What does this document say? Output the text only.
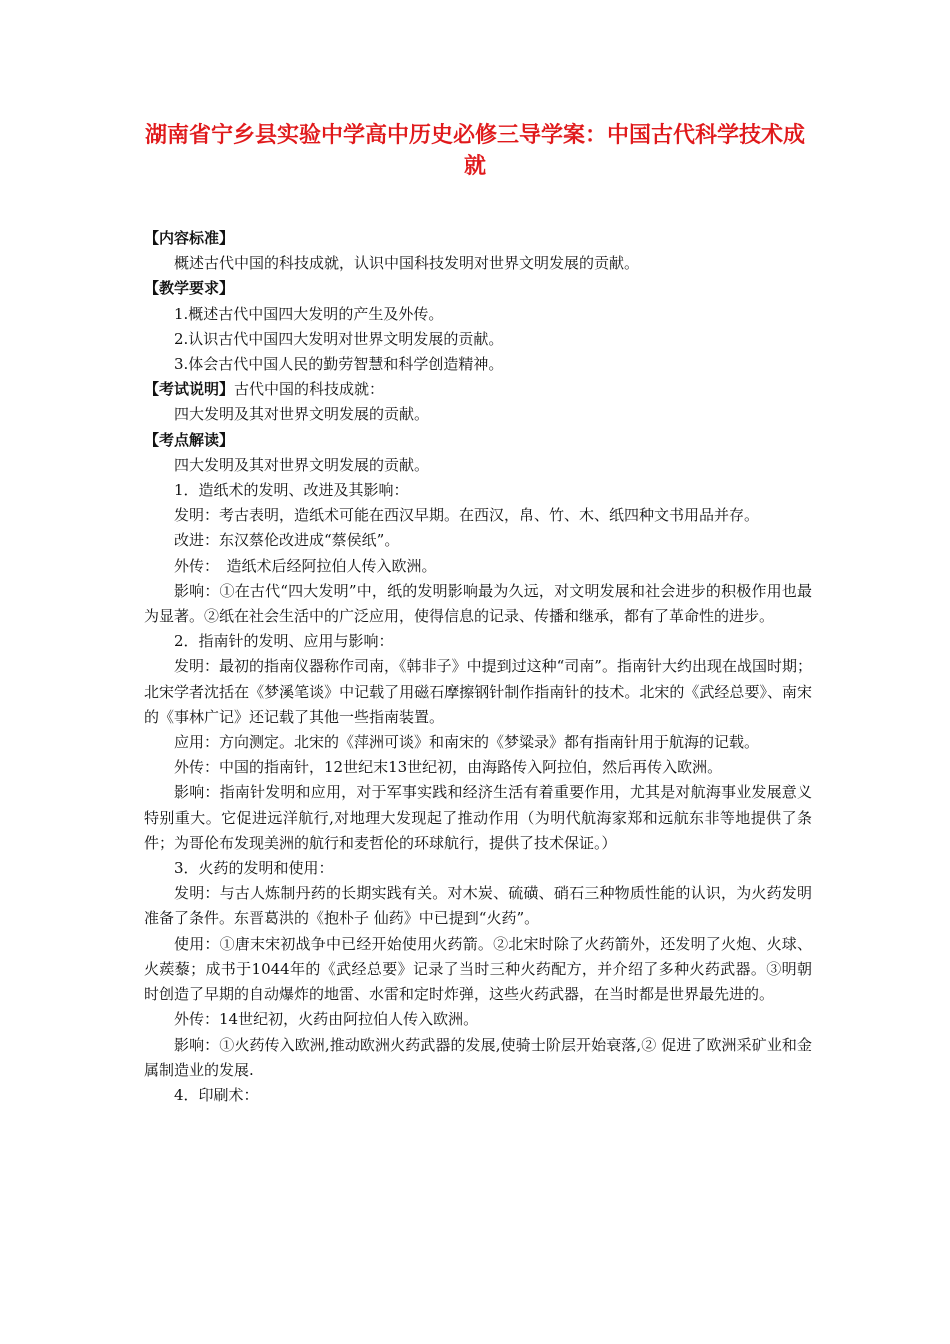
湖南省宁乡县实验中学高中历史必修三导学案：中国古代科学技术成就

【内容标准】

概述古代中国的科技成就，认识中国科技发明对世界文明发展的贡献。

【教学要求】

1.概述古代中国四大发明的产生及外传。

2.认识古代中国四大发明对世界文明发展的贡献。

3.体会古代中国人民的勤劳智慧和科学创造精神。

【考试说明】古代中国的科技成就：

四大发明及其对世界文明发展的贡献。

【考点解读】

四大发明及其对世界文明发展的贡献。

1．造纸术的发明、改进及其影响：

发明：考古表明，造纸术可能在西汉早期。在西汉，帛、竹、木、纸四种文书用品并存。

改进：东汉蔡伦改进成“蔡侯纸”。

外传：　造纸术后经阿拉伯人传入欧洲。

影响：①在古代“四大发明”中，纸的发明影响最为久远，对文明发展和社会进步的积极作用也最为显著。②纸在社会生活中的广泛应用，使得信息的记录、传播和继承，都有了革命性的进步。

2．指南针的发明、应用与影响：

发明：最初的指南仪器称作司南，《韩非子》中提到过这种“司南”。指南针大约出现在战国时期；北宋学者沈括在《梦溪笔谈》中记载了用磁石摩擦钢针制作指南针的技术。北宋的《武经总要》、南宋的《事林广记》还记载了其他一些指南装置。

应用：方向测定。北宋的《萍洲可谈》和南宋的《梦粱录》都有指南针用于航海的记载。

外传：中国的指南针，12世纪末13世纪初，由海路传入阿拉伯，然后再传入欧洲。

影响：指南针发明和应用，对于军事实践和经济生活有着重要作用，尤其是对航海事业发展意义特别重大。它促进远洋航行,对地理大发现起了推动作用（为明代航海家郑和远航东非等地提供了条件；为哥伦布发现美洲的航行和麦哲伦的环球航行，提供了技术保证。）

3．火药的发明和使用：

发明：与古人炼制丹药的长期实践有关。对木炭、硫磺、硝石三种物质性能的认识，为火药发明准备了条件。东晋葛洪的《抱朴子 仙药》中已提到“火药”。

使用：①唐末宋初战争中已经开始使用火药箭。②北宋时除了火药箭外，还发明了火炮、火球、火蒺藜；成书于1044年的《武经总要》记录了当时三种火药配方，并介绍了多种火药武器。③明朝时创造了早期的自动爆炸的地雷、水雷和定时炸弹，这些火药武器，在当时都是世界最先进的。

外传：14世纪初，火药由阿拉伯人传入欧洲。

影响：①火药传入欧洲,推动欧洲火药武器的发展,使骑士阶层开始衰落,② 促进了欧洲采矿业和金属制造业的发展.

4．印刷术：
